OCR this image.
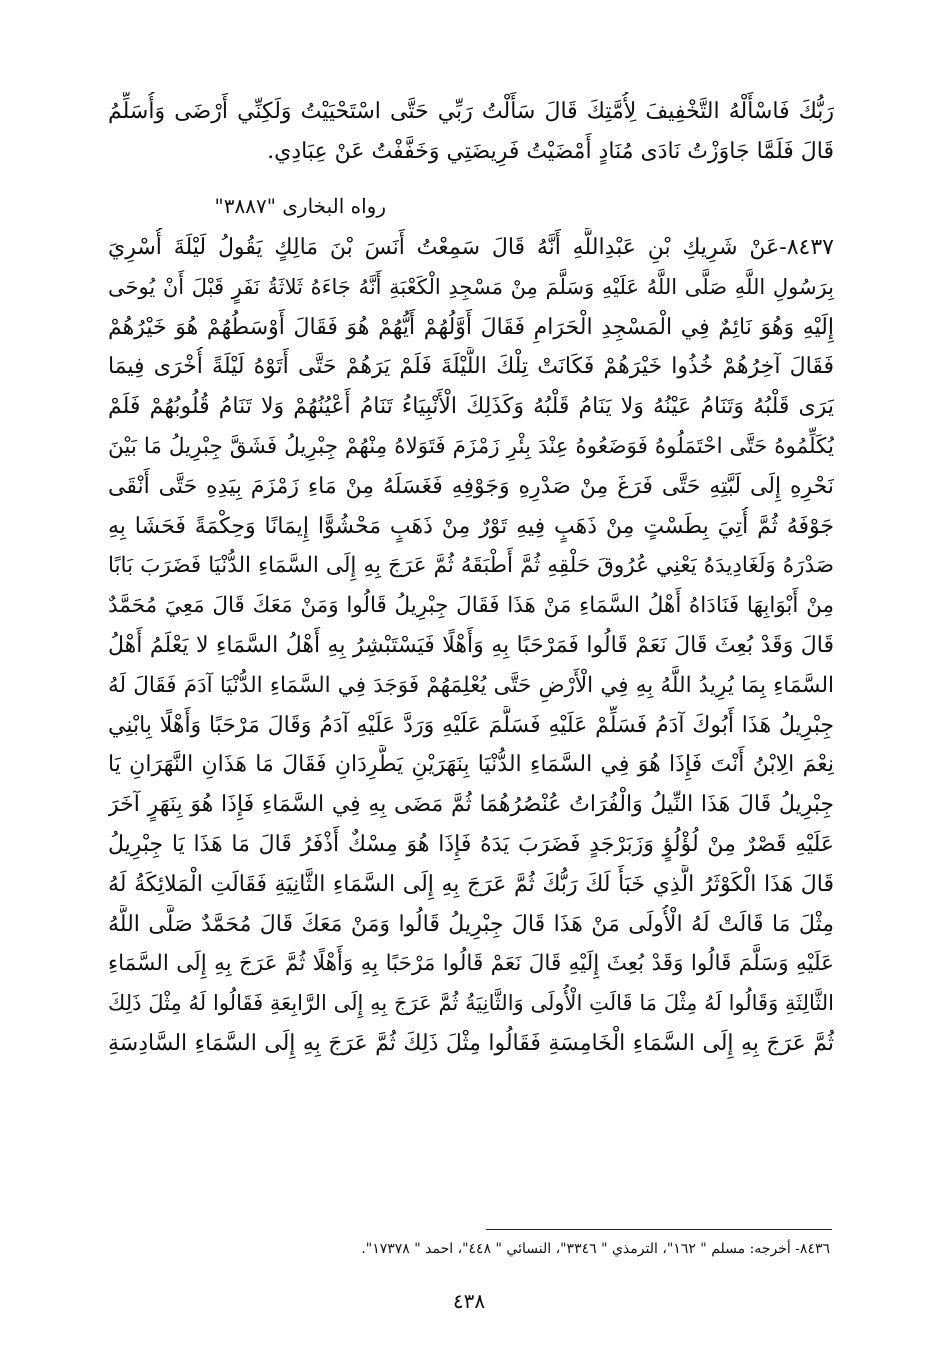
رَبُّكَ فَاسْأَلْهُ التَّخْفِيفَ لِأُمَّتِكَ قَالَ سَأَلْتُ رَبِّي حَتَّى اسْتَحْيَيْتُ وَلَكِنِّي أَرْضَى وَأُسَلِّمُ
قَالَ فَلَمَّا جَاوَزْتُ نَادَى مُنَادٍ أَمْضَيْتُ فَرِيضَتِي وَخَفَّفْتُ عَنْ عِبَادِي.
رواه البخارى "٣٨٨٧"
٨٤٣٧-عَنْ شَرِيكِ بْنِ عَبْدِاللَّهِ أَنَّهُ قَالَ سَمِعْتُ أَنَسَ بْنَ مَالِكٍ يَقُولُ لَيْلَةَ أُسْرِيَ
بِرَسُولِ اللَّهِ صَلَّى اللَّهُ عَلَيْهِ وَسَلَّمَ مِنْ مَسْجِدِ الْكَعْبَةِ أَنَّهُ جَاءَهُ ثَلاثَةُ نَفَرٍ قَبْلَ أَنْ يُوحَى
إِلَيْهِ وَهُوَ نَائِمٌ فِي الْمَسْجِدِ الْحَرَامِ فَقَالَ أَوَّلُهُمْ أَيُّهُمْ هُوَ فَقَالَ أَوْسَطُهُمْ هُوَ خَيْرُهُمْ
فَقَالَ آخِرُهُمْ خُذُوا خَيْرَهُمْ فَكَانَتْ تِلْكَ اللَّيْلَةَ فَلَمْ يَرَهُمْ حَتَّى أَتَوْهُ لَيْلَةً أُخْرَى فِيمَا
يَرَى قَلْبُهُ وَتَنَامُ عَيْنُهُ وَلا يَنَامُ قَلْبُهُ وَكَذَلِكَ الْأَنْبِيَاءُ تَنَامُ أَعْيُنُهُمْ وَلا تَنَامُ قُلُوبُهُمْ فَلَمْ
يُكَلِّمُوهُ حَتَّى احْتَمَلُوهُ فَوَضَعُوهُ عِنْدَ بِئْرِ زَمْزَمَ فَتَوَلاهُ مِنْهُمْ جِبْرِيلُ فَشَقَّ جِبْرِيلُ مَا بَيْنَ
نَحْرِهِ إِلَى لَبَّتِهِ حَتَّى فَرَغَ مِنْ صَدْرِهِ وَجَوْفِهِ فَغَسَلَهُ مِنْ مَاءِ زَمْزَمَ بِيَدِهِ حَتَّى أَنْقَى
جَوْفَهُ ثُمَّ أُتِيَ بِطَسْتٍ مِنْ ذَهَبٍ فِيهِ تَوْرٌ مِنْ ذَهَبٍ مَحْشُوًّا إِيمَانًا وَحِكْمَةً فَحَشَا بِهِ
صَدْرَهُ وَلَغَادِيدَهُ يَعْنِي عُرُوقَ حَلْقِهِ ثُمَّ أَطْبَقَهُ ثُمَّ عَرَجَ بِهِ إِلَى السَّمَاءِ الدُّنْيَا فَضَرَبَ بَابًا
مِنْ أَبْوَابِهَا فَنَادَاهُ أَهْلُ السَّمَاءِ مَنْ هَذَا فَقَالَ جِبْرِيلُ قَالُوا وَمَنْ مَعَكَ قَالَ مَعِيَ مُحَمَّدٌ
قَالَ وَقَدْ بُعِثَ قَالَ نَعَمْ قَالُوا فَمَرْحَبًا بِهِ وَأَهْلًا فَيَسْتَبْشِرُ بِهِ أَهْلُ السَّمَاءِ لا يَعْلَمُ أَهْلُ
السَّمَاءِ بِمَا يُرِيدُ اللَّهُ بِهِ فِي الْأَرْضِ حَتَّى يُعْلِمَهُمْ فَوَجَدَ فِي السَّمَاءِ الدُّنْيَا آدَمَ فَقَالَ لَهُ
جِبْرِيلُ هَذَا أَبُوكَ آدَمُ فَسَلِّمْ عَلَيْهِ فَسَلَّمَ عَلَيْهِ وَرَدَّ عَلَيْهِ آدَمُ وَقَالَ مَرْحَبًا وَأَهْلًا بِابْنِي
نِعْمَ الِابْنُ أَنْتَ فَإِذَا هُوَ فِي السَّمَاءِ الدُّنْيَا بِنَهَرَيْنِ يَطَّرِدَانِ فَقَالَ مَا هَذَانِ النَّهَرَانِ يَا
جِبْرِيلُ قَالَ هَذَا النِّيلُ وَالْفُرَاتُ عُنْصُرُهُمَا ثُمَّ مَضَى بِهِ فِي السَّمَاءِ فَإِذَا هُوَ بِنَهَرٍ آخَرَ
عَلَيْهِ قَصْرٌ مِنْ لُؤْلُؤٍ وَزَبَرْجَدٍ فَضَرَبَ يَدَهُ فَإِذَا هُوَ مِسْكٌ أَذْفَرُ قَالَ مَا هَذَا يَا جِبْرِيلُ
قَالَ هَذَا الْكَوْثَرُ الَّذِي خَبَأَ لَكَ رَبُّكَ ثُمَّ عَرَجَ بِهِ إِلَى السَّمَاءِ الثَّانِيَةِ فَقَالَتِ الْمَلائِكَةُ لَهُ
مِثْلَ مَا قَالَتْ لَهُ الْأُولَى مَنْ هَذَا قَالَ جِبْرِيلُ قَالُوا وَمَنْ مَعَكَ قَالَ مُحَمَّدٌ صَلَّى اللَّهُ
عَلَيْهِ وَسَلَّمَ قَالُوا وَقَدْ بُعِثَ إِلَيْهِ قَالَ نَعَمْ قَالُوا مَرْحَبًا بِهِ وَأَهْلًا ثُمَّ عَرَجَ بِهِ إِلَى السَّمَاءِ
الثَّالِثَةِ وَقَالُوا لَهُ مِثْلَ مَا قَالَتِ الْأُولَى وَالثَّانِيَةُ ثُمَّ عَرَجَ بِهِ إِلَى الرَّابِعَةِ فَقَالُوا لَهُ مِثْلَ ذَلِكَ
ثُمَّ عَرَجَ بِهِ إِلَى السَّمَاءِ الْخَامِسَةِ فَقَالُوا مِثْلَ ذَلِكَ ثُمَّ عَرَجَ بِهِ إِلَى السَّمَاءِ السَّادِسَةِ
٨٤٣٦- أخرجه: مسلم " ١٦٢"، الترمذي " ٣٣٤٦"، النسائي " ٤٤٨"، احمد " ١٧٣٧٨".
٤٣٨
